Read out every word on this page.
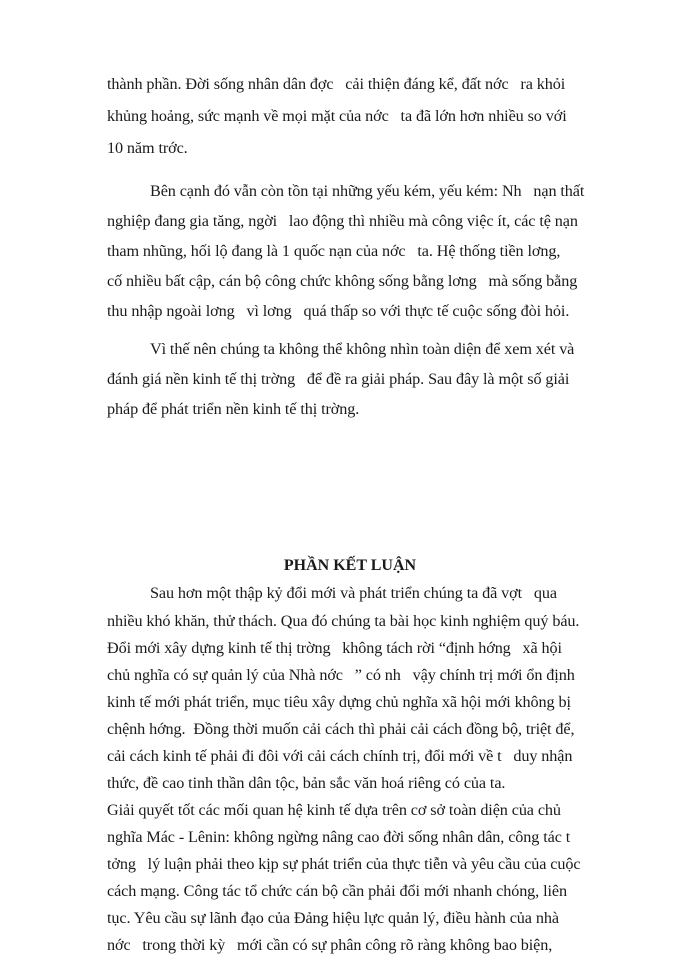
thành phần. Đời sống nhân dân đợc   cải thiện đáng kể, đất nớc   ra khỏi
khủng hoảng, sức mạnh về mọi mặt của nớc   ta đã lớn hơn nhiều so với
10 năm trớc.
Bên cạnh đó vẫn còn tồn tại những yếu kém, yếu kém: Nh   nạn thất
nghiệp đang gia tăng, ngời   lao động thì nhiều mà công việc ít, các tệ nạn
tham nhũng, hối lộ đang là 1 quốc nạn của nớc   ta. Hệ thống tiền lơng,
cố nhiều bất cập, cán bộ công chức không sống bằng lơng   mà sống bằng
thu nhập ngoài lơng   vì lơng   quá thấp so với thực tế cuộc sống đòi hỏi.
Vì thế nên chúng ta không thể không nhìn toàn diện để xem xét và
đánh giá nền kinh tế thị trờng   để đề ra giải pháp. Sau đây là một số giải
pháp để phát triển nền kinh tế thị trờng.
PHẦN KẾT LUẬN
Sau hơn một thập kỷ đổi mới và phát triển chúng ta đã vợt   qua
nhiều khó khăn, thử thách. Qua đó chúng ta bài học kinh nghiệm quý báu.
Đổi mới xây dựng kinh tế thị trờng   không tách rời “định hớng   xã hội
chủ nghĩa có sự quản lý của Nhà nớc   ” có nh   vậy chính trị mới ổn định
kinh tế mới phát triển, mục tiêu xây dựng chủ nghĩa xã hội mới không bị
chệnh hớng.  Đồng thời muốn cải cách thì phải cải cách đồng bộ, triệt để,
cải cách kinh tế phải đi đôi với cải cách chính trị, đổi mới về t   duy nhận
thức, đề cao tinh thần dân tộc, bản sắc văn hoá riêng có của ta.
Giải quyết tốt các mối quan hệ kinh tế dựa trên cơ sở toàn diện của chủ
nghĩa Mác - Lênin: không ngừng nâng cao đời sống nhân dân, công tác t
tởng   lý luận phải theo kịp sự phát triển của thực tiễn và yêu cầu của cuộc
cách mạng. Công tác tổ chức cán bộ cần phải đổi mới nhanh chóng, liên
tục. Yêu cầu sự lãnh đạo của Đảng hiệu lực quản lý, điều hành của nhà
nớc   trong thời kỳ   mới cần có sự phân công rõ ràng không bao biện,
